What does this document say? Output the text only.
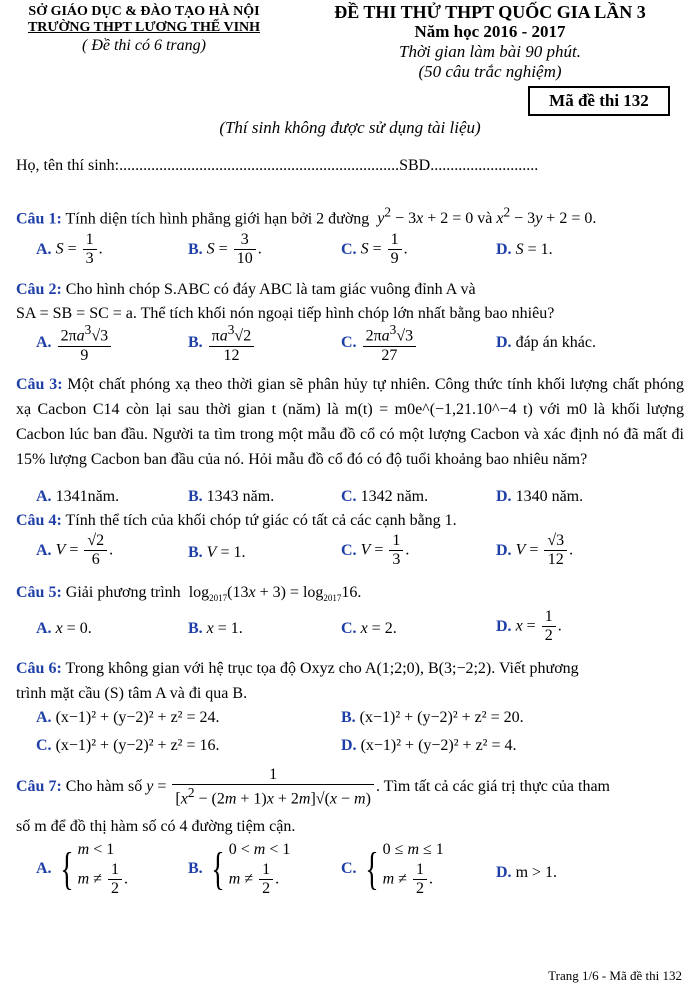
SỞ GIÁO DỤC & ĐÀO TẠO HÀ NỘI
TRƯỜNG THPT LƯƠNG THẾ VINH
( Đề thi có 6 trang)
ĐỀ THI THỬ THPT QUỐC GIA LẦN 3
Năm học 2016 - 2017
Thời gian làm bài 90 phút.
(50 câu trắc nghiệm)
Mã đề thi 132
(Thí sinh không được sử dụng tài liệu)
Họ, tên thí sinh:......................................................................SBD...........................
Câu 1: Tính diện tích hình phẳng giới hạn bởi 2 đường $y^2 - 3x + 2 = 0$ và $x^2 - 3y + 2 = 0$.
A. $S = \frac{1}{3}$ .	B. $S = \frac{3}{10}$ .	C. $S = \frac{1}{9}$ .	D. S = 1.
Câu 2: Cho hình chóp S.ABC có đáy ABC là tam giác vuông đỉnh A và
SA = SB = SC = a. Thể tích khối nón ngoại tiếp hình chóp lớn nhất bằng bao nhiêu?
A. $\frac{2\pi a^3√3}{9}$	B. $\frac{\pi a^3√2}{12}$	C. $\frac{2\pi a^3√3}{27}$	D. đáp án khác.
Câu 3: Một chất phóng xạ theo thời gian sẽ phân hủy tự nhiên. Công thức tính khối lượng chất phóng xạ Cacbon C14 còn lại sau thời gian t (năm) là m(t) = m0e^(−1,21.10^−4 t) với m0 là khối lượng Cacbon lúc ban đầu. Người ta tìm trong một mẫu đồ cổ có một lượng Cacbon và xác định nó đã mất đi 15% lượng Cacbon ban đầu của nó. Hỏi mẫu đồ cổ đó có độ tuổi khoảng bao nhiêu năm?
A. 1341năm.	B. 1343 năm.	C. 1342 năm.	D. 1340 năm.
Câu 4: Tính thể tích của khối chóp tứ giác có tất cả các cạnh bằng 1.
A. $V = \frac{√2}{6}$ .	B. V = 1.	C. $V = \frac{1}{3}$ .	D. $V = \frac{√3}{12}$ .
Câu 5: Giải phương trình  $\log_{2017}(13x + 3) = \log_{2017}16$.
A. x = 0.	B. x = 1.	C. x = 2.	D. $x = \frac{1}{2}$ .
Câu 6: Trong không gian với hệ trục tọa độ Oxyz cho A(1;2;0), B(3;−2;2). Viết phương
trình mặt cầu (S) tâm A và đi qua B.
A. (x−1)² + (y−2)² + z² = 24.	B. (x−1)² + (y−2)² + z² = 20.
C. (x−1)² + (y−2)² + z² = 16.	D. (x−1)² + (y−2)² + z² = 4.
Câu 7: Cho hàm số $y = \frac{1}{[x^2 - (2m + 1)x + 2m]√(x - m)}$ . Tìm tất cả các giá trị thực của tham
số m để đồ thị hàm số có 4 đường tiệm cận.
A. { m < 1
$m \ne \frac{1}{2}$ .
B. { 0 < m < 1
$m \ne \frac{1}{2}$ .
C. { 0 ≤ m ≤ 1
$m \ne \frac{1}{2}$ .	D. m > 1.
Trang 1/6 - Mã đề thi 132
